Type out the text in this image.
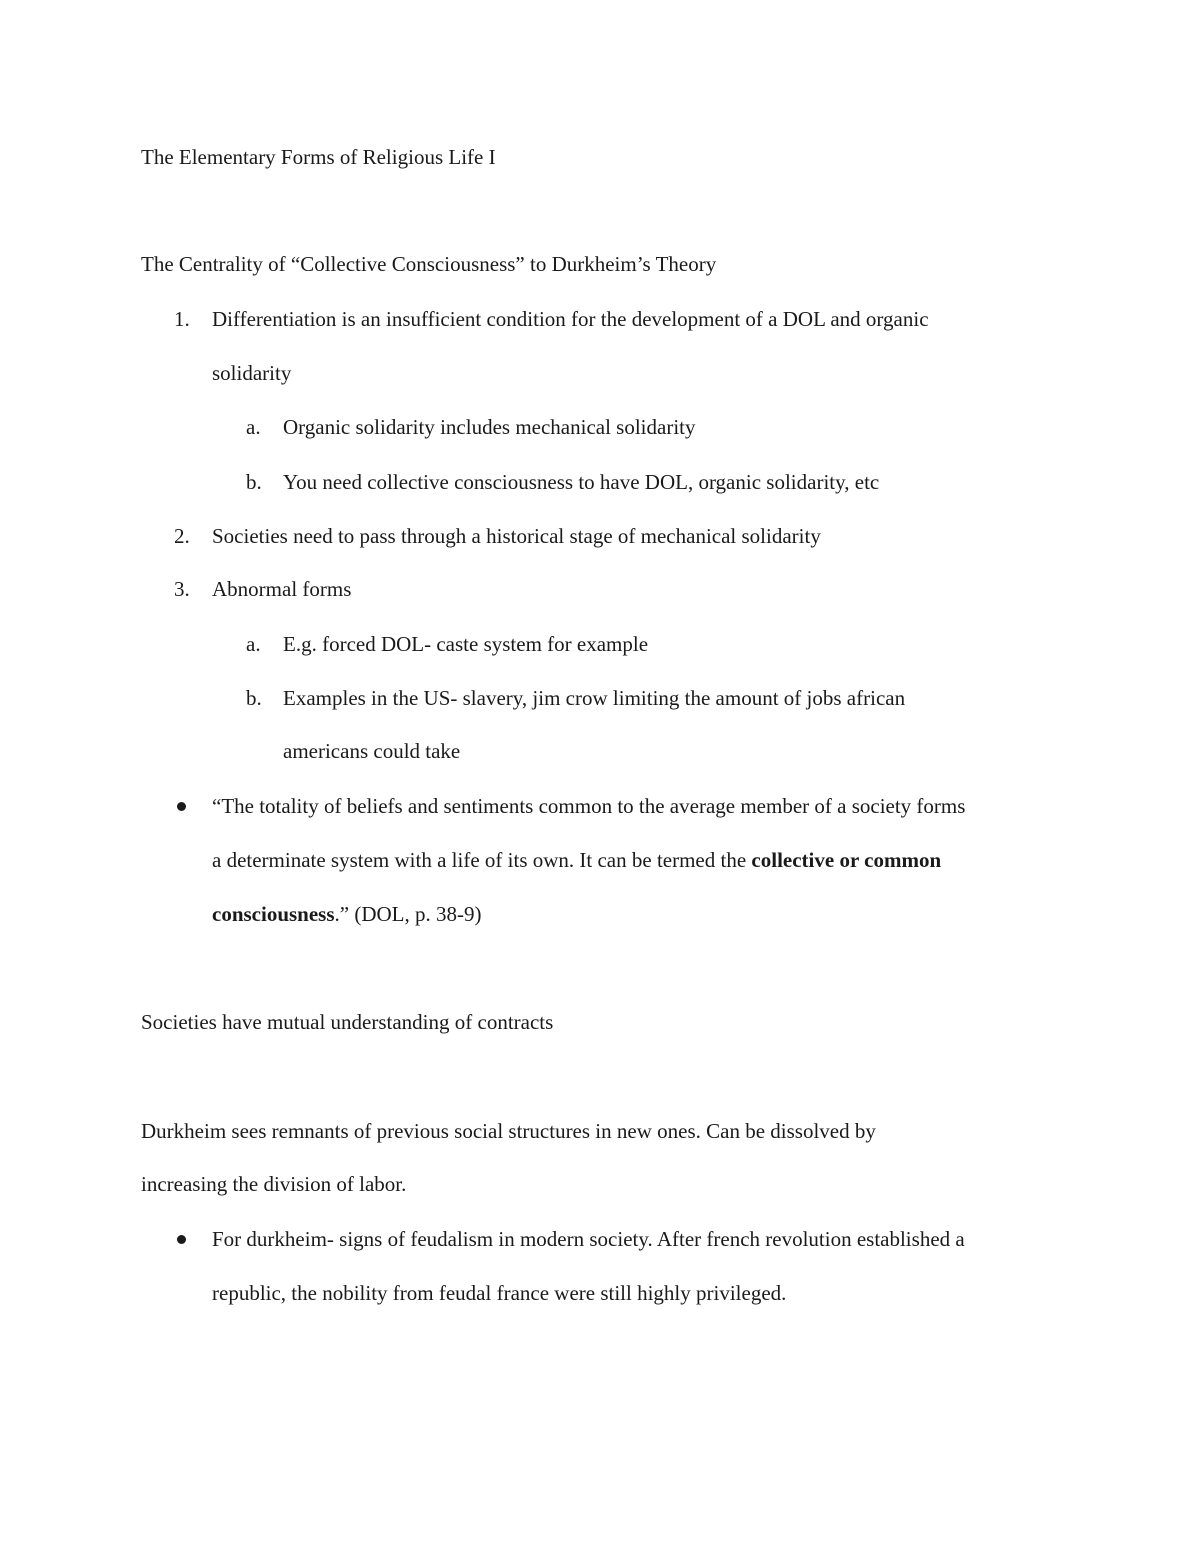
The Elementary Forms of Religious Life I
The Centrality of “Collective Consciousness” to Durkheim’s Theory
1. Differentiation is an insufficient condition for the development of a DOL and organic
solidarity
a. Organic solidarity includes mechanical solidarity
b. You need collective consciousness to have DOL, organic solidarity, etc
2. Societies need to pass through a historical stage of mechanical solidarity
3. Abnormal forms
a. E.g. forced DOL- caste system for example
b. Examples in the US- slavery, jim crow limiting the amount of jobs african
americans could take
“The totality of beliefs and sentiments common to the average member of a society forms
a determinate system with a life of its own. It can be termed the collective or common
consciousness.” (DOL, p. 38-9)
Societies have mutual understanding of contracts
Durkheim sees remnants of previous social structures in new ones. Can be dissolved by
increasing the division of labor.
For durkheim- signs of feudalism in modern society. After french revolution established a
republic, the nobility from feudal france were still highly privileged.
